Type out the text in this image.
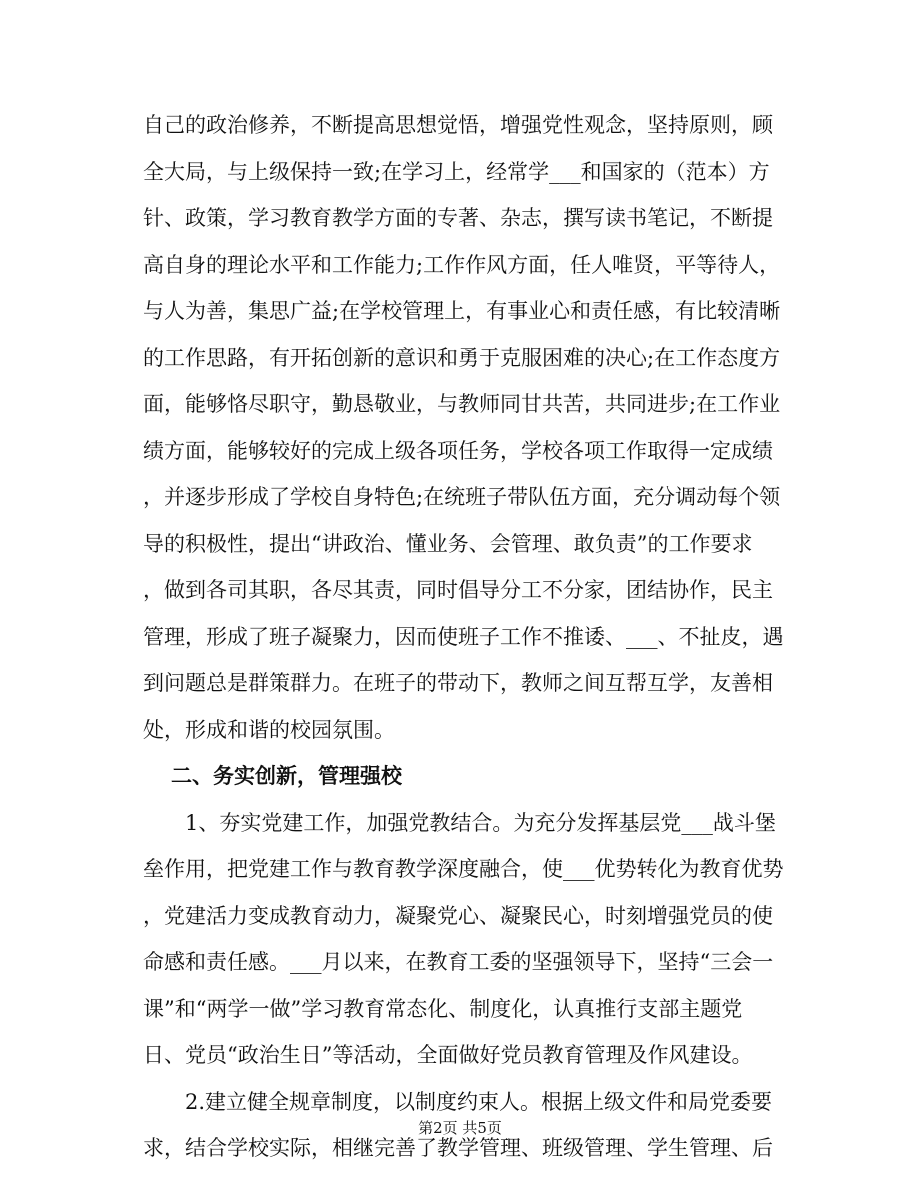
自己的政治修养，不断提高思想觉悟，增强党性观念，坚持原则，顾
全大局，与上级保持一致;在学习上，经常学___和国家的（范本）方
针、政策，学习教育教学方面的专著、杂志，撰写读书笔记，不断提
高自身的理论水平和工作能力;工作作风方面，任人唯贤，平等待人，
与人为善，集思广益;在学校管理上，有事业心和责任感，有比较清晰
的工作思路，有开拓创新的意识和勇于克服困难的决心;在工作态度方
面，能够恪尽职守，勤恳敬业，与教师同甘共苦，共同进步;在工作业
绩方面，能够较好的完成上级各项任务，学校各项工作取得一定成绩
，并逐步形成了学校自身特色;在统班子带队伍方面，充分调动每个领
导的积极性，提出“讲政治、懂业务、会管理、敢负责”的工作要求
，做到各司其职，各尽其责，同时倡导分工不分家，团结协作，民主
管理，形成了班子凝聚力，因而使班子工作不推诿、___、不扯皮，遇
到问题总是群策群力。在班子的带动下，教师之间互帮互学，友善相
处，形成和谐的校园氛围。
二、务实创新，管理强校
1、夯实党建工作，加强党教结合。为充分发挥基层党___战斗堡
垒作用，把党建工作与教育教学深度融合，使___优势转化为教育优势
，党建活力变成教育动力，凝聚党心、凝聚民心，时刻增强党员的使
命感和责任感。___月以来，在教育工委的坚强领导下，坚持“三会一
课”和“两学一做”学习教育常态化、制度化，认真推行支部主题党
日、党员“政治生日”等活动，全面做好党员教育管理及作风建设。
2.建立健全规章制度，以制度约束人。根据上级文件和局党委要
求，结合学校实际，相继完善了教学管理、班级管理、学生管理、后
第2页 共5页
